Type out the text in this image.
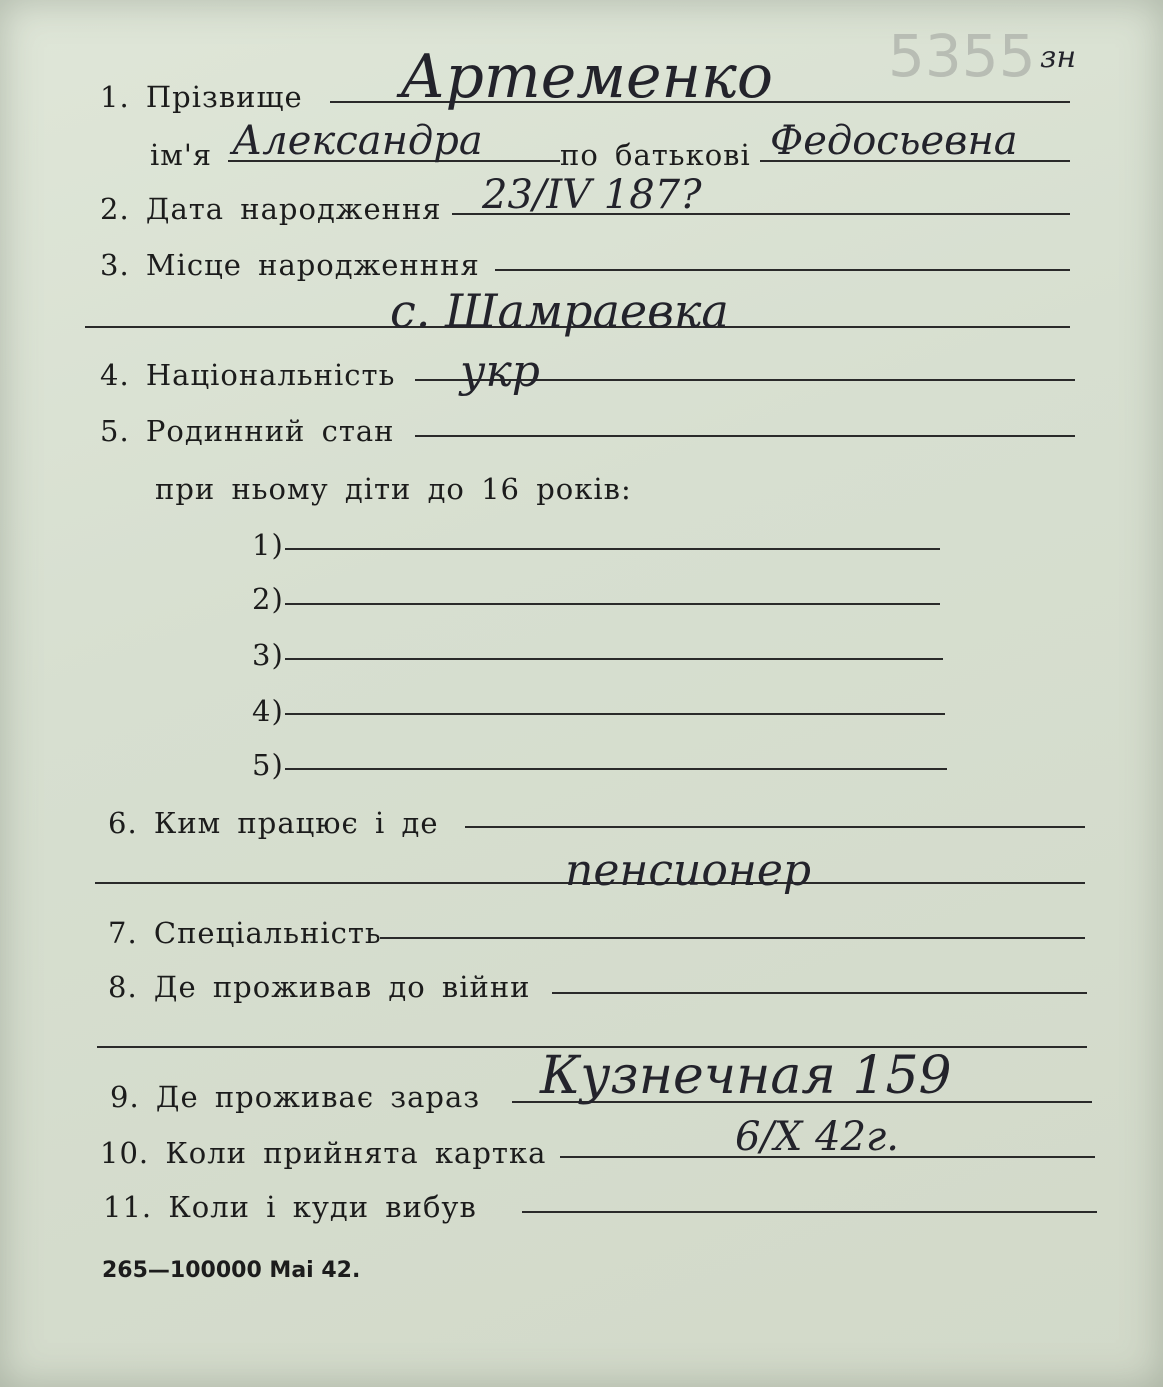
5355 зн
1. Прізвище Артеменко
ім'я Александра	по батькові Федосьевна
2. Дата народження 23/IV 187?
3. Місце народженння
с. Шамраевка
4. Національність укр
5. Родинний стан
при ньому діти до 16 років:
1)
2)
3)
4)
5)
6. Ким працює і де
пенсионер
7. Спеціальність
8. Де проживав до війни
9. Де проживає зараз Кузнечная 159
10. Коли прийнята картка	6/X 42г.
11. Коли і куди вибув
265—100000 Mai 42.
